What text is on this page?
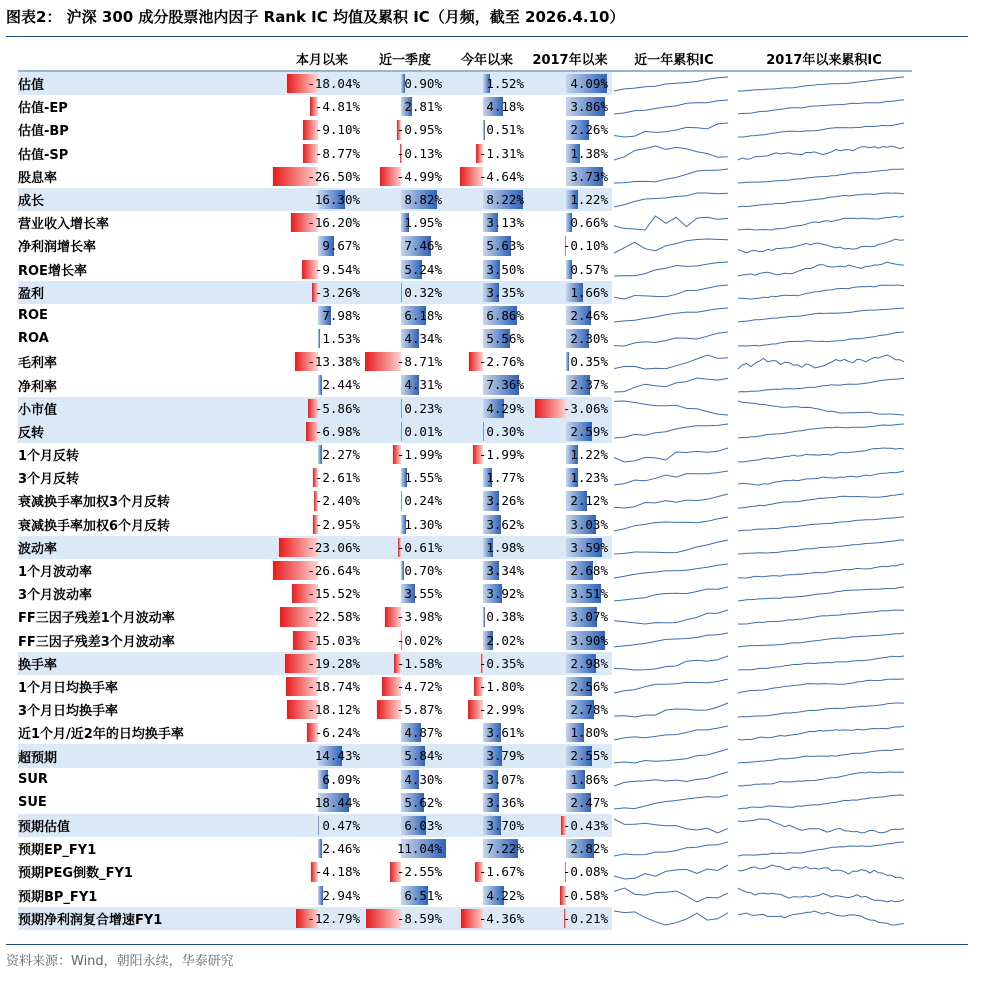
图表2： 沪深 300 成分股票池内因子 Rank IC 均值及累积 IC（月频，截至 2026.4.10）
	本月以来	近一季度	今年以来	2017年以来	近一年累积IC	2017年以来累积IC
估值	-18.04%	0.90%	1.52%	4.09%

估值-EP	-4.81%	2.81%	4.18%	3.86%

估值-BP	-9.10%	-0.95%	0.51%	2.26%

估值-SP	-8.77%	-0.13%	-1.31%	1.38%

股息率	-26.50%	-4.99%	-4.64%	3.73%

成长	16.30%	8.82%	8.22%	1.22%

营业收入增长率	-16.20%	1.95%	3.13%	0.66%

净利润增长率	9.67%	7.46%	5.63%	-0.10%

ROE增长率	-9.54%	5.24%	3.50%	0.57%

盈利	-3.26%	0.32%	3.35%	1.66%

ROE	7.98%	6.18%	6.86%	2.46%

ROA	1.53%	4.34%	5.56%	2.30%

毛利率	-13.38%	-8.71%	-2.76%	0.35%

净利率	2.44%	4.31%	7.36%	2.37%

小市值	-5.86%	0.23%	4.29%	-3.06%

反转	-6.98%	0.01%	0.30%	2.59%

1个月反转	2.27%	-1.99%	-1.99%	1.22%

3个月反转	-2.61%	1.55%	1.77%	1.23%

衰减换手率加权3个月反转	-2.40%	0.24%	3.26%	2.12%

衰减换手率加权6个月反转	-2.95%	1.30%	3.62%	3.03%

波动率	-23.06%	-0.61%	1.98%	3.59%

1个月波动率	-26.64%	0.70%	3.34%	2.68%

3个月波动率	-15.52%	3.55%	3.92%	3.51%

FF三因子残差1个月波动率	-22.58%	-3.98%	0.38%	3.07%

FF三因子残差3个月波动率	-15.03%	-0.02%	2.02%	3.90%

换手率	-19.28%	-1.58%	-0.35%	2.98%

1个月日均换手率	-18.74%	-4.72%	-1.80%	2.56%

3个月日均换手率	-18.12%	-5.87%	-2.99%	2.78%

近1个月/近2年的日均换手率	-6.24%	4.87%	3.61%	1.80%

超预期	14.43%	5.84%	3.79%	2.55%

SUR	6.09%	4.30%	3.07%	1.86%

SUE	18.44%	5.62%	3.36%	2.47%

预期估值	0.47%	6.03%	3.70%	-0.43%

预期EP_FY1	2.46%	11.04%	7.22%	2.82%

预期PEG倒数_FY1	-4.18%	-2.55%	-1.67%	-0.08%

预期BP_FY1	2.94%	6.51%	4.22%	-0.58%

预期净利润复合增速FY1	-12.79%	-8.59%	-4.36%	-0.21%

资料来源：Wind，朝阳永续，华泰研究
